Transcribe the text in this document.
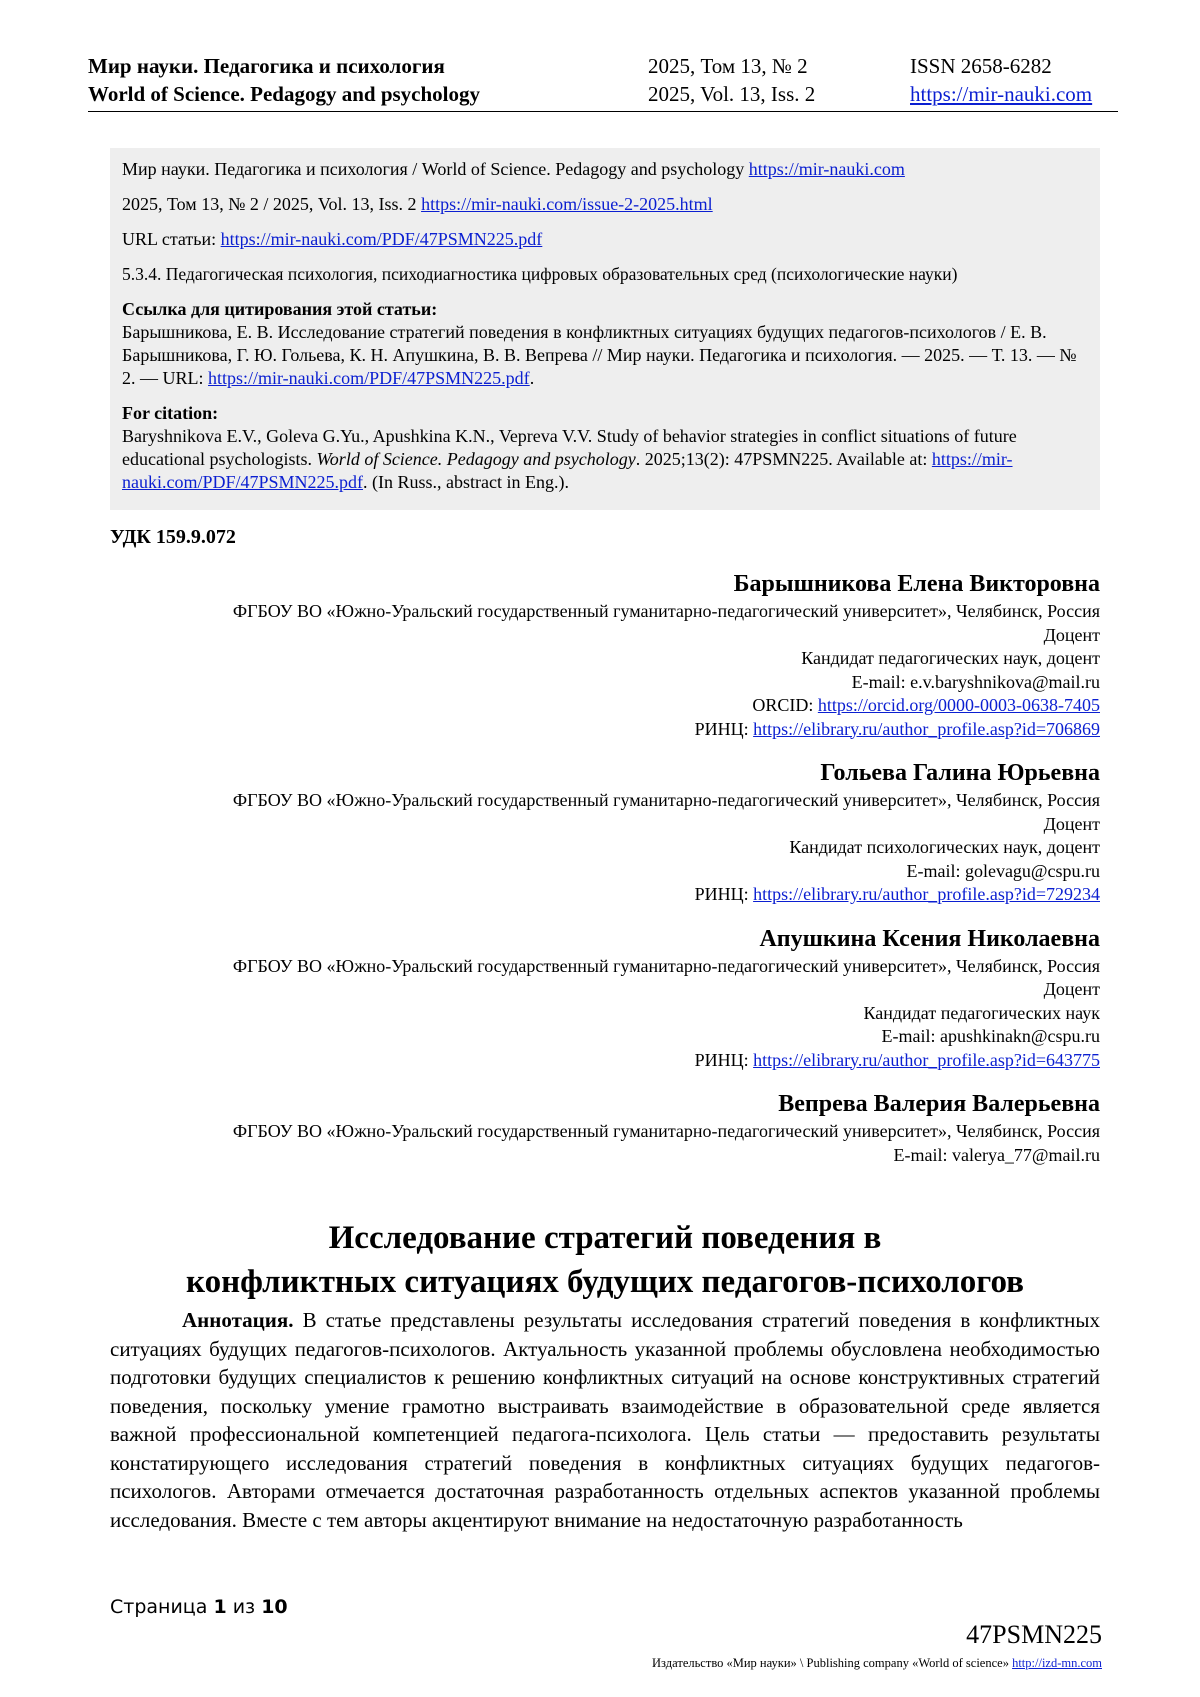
Мир науки. Педагогика и психология
World of Science. Pedagogy and psychology
2025, Том 13, № 2
2025, Vol. 13, Iss. 2
ISSN 2658-6282
https://mir-nauki.com

Мир науки. Педагогика и психология / World of Science. Pedagogy and psychology https://mir-nauki.com

2025, Том 13, № 2 / 2025, Vol. 13, Iss. 2 https://mir-nauki.com/issue-2-2025.html

URL статьи: https://mir-nauki.com/PDF/47PSMN225.pdf

5.3.4. Педагогическая психология, психодиагностика цифровых образовательных сред (психологические науки)

Ссылка для цитирования этой статьи:
Барышникова, Е. В. Исследование стратегий поведения в конфликтных ситуациях будущих педагогов-психологов / Е. В. Барышникова, Г. Ю. Гольева, К. Н. Апушкина, В. В. Вепрева // Мир науки. Педагогика и психология. — 2025. — Т. 13. — № 2. — URL: https://mir-nauki.com/PDF/47PSMN225.pdf.
For citation:
Baryshnikova E.V., Goleva G.Yu., Apushkina K.N., Vepreva V.V. Study of behavior strategies in conflict situations of future educational psychologists. World of Science. Pedagogy and psychology. 2025;13(2): 47PSMN225. Available at: https://mir-nauki.com/PDF/47PSMN225.pdf. (In Russ., abstract in Eng.).
УДК 159.9.072
Барышникова Елена Викторовна
ФГБОУ ВО «Южно-Уральский государственный гуманитарно-педагогический университет», Челябинск, Россия
Доцент
Кандидат педагогических наук, доцент
E-mail: e.v.baryshnikova@mail.ru
ORCID: https://orcid.org/0000-0003-0638-7405
РИНЦ: https://elibrary.ru/author_profile.asp?id=706869
Гольева Галина Юрьевна
ФГБОУ ВО «Южно-Уральский государственный гуманитарно-педагогический университет», Челябинск, Россия
Доцент
Кандидат психологических наук, доцент
E-mail: golevagu@cspu.ru
РИНЦ: https://elibrary.ru/author_profile.asp?id=729234
Апушкина Ксения Николаевна
ФГБОУ ВО «Южно-Уральский государственный гуманитарно-педагогический университет», Челябинск, Россия
Доцент
Кандидат педагогических наук
E-mail: apushkinakn@cspu.ru
РИНЦ: https://elibrary.ru/author_profile.asp?id=643775
Вепрева Валерия Валерьевна
ФГБОУ ВО «Южно-Уральский государственный гуманитарно-педагогический университет», Челябинск, Россия
E-mail: valerya_77@mail.ru
Исследование стратегий поведения в
конфликтных ситуациях будущих педагогов-психологов
Аннотация. В статье представлены результаты исследования стратегий поведения в конфликтных ситуациях будущих педагогов-психологов. Актуальность указанной проблемы обусловлена необходимостью подготовки будущих специалистов к решению конфликтных ситуаций на основе конструктивных стратегий поведения, поскольку умение грамотно выстраивать взаимодействие в образовательной среде является важной профессиональной компетенцией педагога-психолога. Цель статьи — предоставить результаты констатирующего исследования стратегий поведения в конфликтных ситуациях будущих педагогов-психологов. Авторами отмечается достаточная разработанность отдельных аспектов указанной проблемы исследования. Вместе с тем авторы акцентируют внимание на недостаточную разработанность
Страница 1 из 10
47PSMN225
Издательство «Мир науки» \ Publishing company «World of science» http://izd-mn.com
